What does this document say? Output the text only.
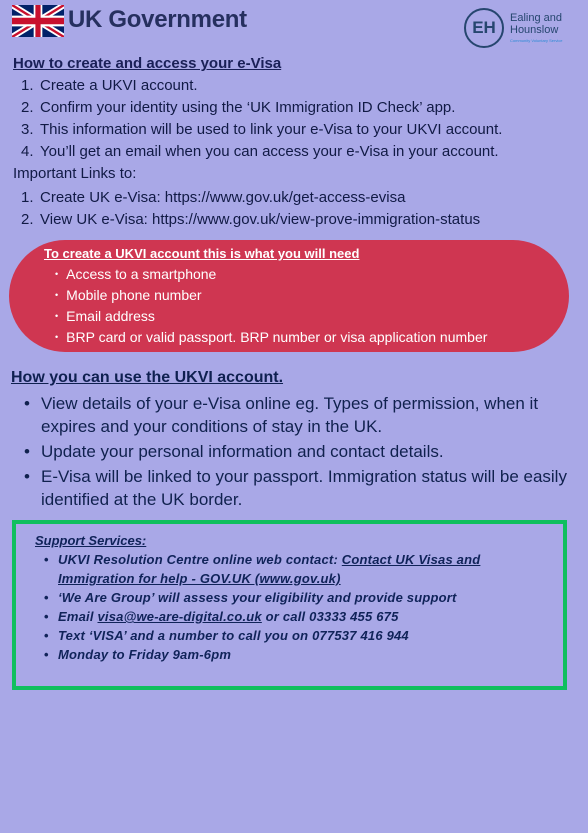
UK Government	EH	Ealing and
Hounslow
Community Voluntary Service
How to create and access your e-Visa
1. Create a UKVI account.
2. Confirm your identity using the ‘UK Immigration ID Check’ app.
3. This information will be used to link your e-Visa to your UKVI account.
4. You’ll get an email when you can access your e-Visa in your account.
Important Links to:
1. Create UK e-Visa: https://www.gov.uk/get-access-evisa
2. View UK e-Visa: https://www.gov.uk/view-prove-immigration-status
To create a UKVI account this is what you will need
• Access to a smartphone
• Mobile phone number
• Email address
• BRP card or valid passport. BRP number or visa application number
How you can use the UKVI account.
• View details of your e-Visa online eg. Types of permission, when it expires and your conditions of stay in the UK.
• Update your personal information and contact details.
• E-Visa will be linked to your passport. Immigration status will be easily identified at the UK border.
Support Services:
• UKVI Resolution Centre online web contact: Contact UK Visas and Immigration for help - GOV.UK (www.gov.uk)
• ‘We Are Group’ will assess your eligibility and provide support
• Email visa@we-are-digital.co.uk or call 03333 455 675
• Text ‘VISA’ and a number to call you on 077537 416 944
• Monday to Friday 9am-6pm
